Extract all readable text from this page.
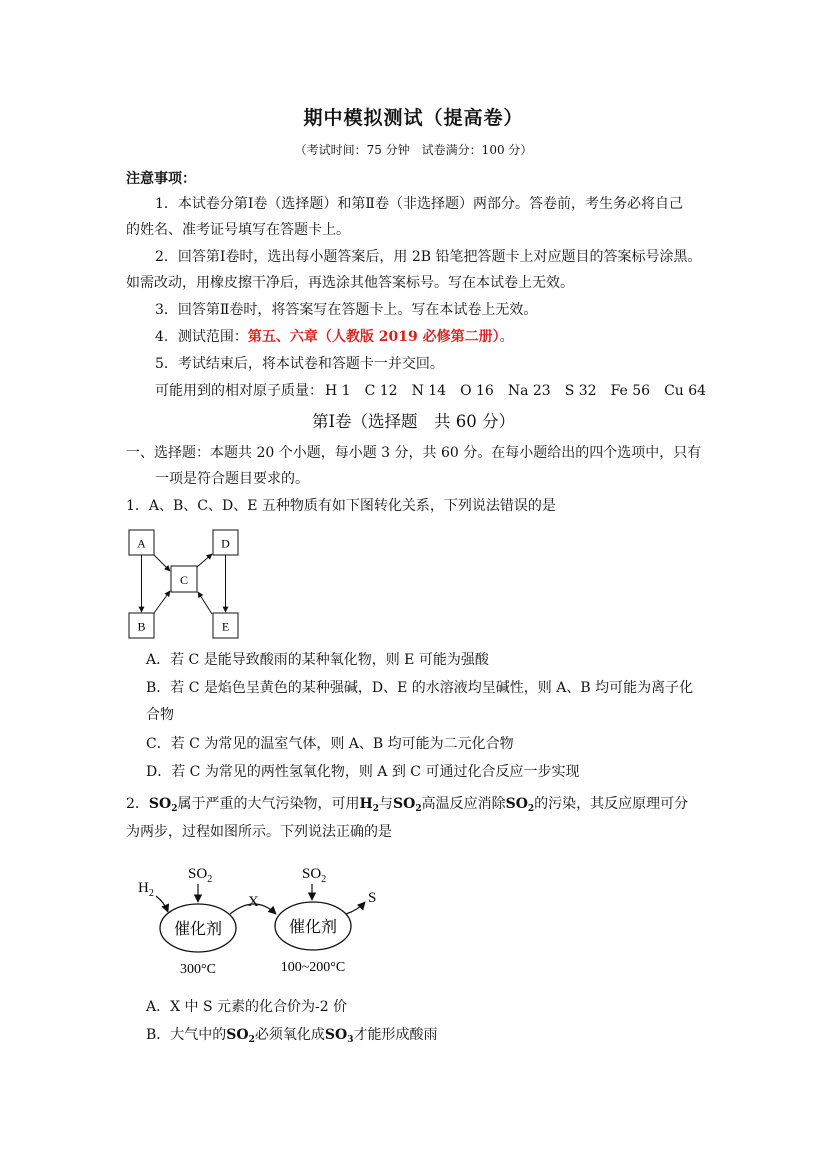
期中模拟测试（提高卷）
（考试时间：75 分钟　试卷满分：100 分）
注意事项：
1．本试卷分第Ⅰ卷（选择题）和第Ⅱ卷（非选择题）两部分。答卷前，考生务必将自己
的姓名、准考证号填写在答题卡上。
2．回答第Ⅰ卷时，选出每小题答案后，用 2B 铅笔把答题卡上对应题目的答案标号涂黑。
如需改动，用橡皮擦干净后，再选涂其他答案标号。写在本试卷上无效。
3．回答第Ⅱ卷时，将答案写在答题卡上。写在本试卷上无效。
4．测试范围：第五、六章（人教版 2019 必修第二册）。
5．考试结束后，将本试卷和答题卡一并交回。
可能用到的相对原子质量： H 1 C 12 N 14 O 16 Na 23 S 32 Fe 56 Cu 64
第Ⅰ卷（选择题　共 60 分）
一、选择题：本题共 20 个小题，每小题 3 分，共 60 分。在每小题给出的四个选项中，只有
一项是符合题目要求的。
1．A、B、C、D、E 五种物质有如下图转化关系，下列说法错误的是
A
B
C
D
E
A．若 C 是能导致酸雨的某种氧化物，则 E 可能为强酸
B．若 C 是焰色呈黄色的某种强碱，D、E 的水溶液均呈碱性，则 A、B 均可能为离子化
合物
C．若 C 为常见的温室气体，则 A、B 均可能为二元化合物
D．若 C 为常见的两性氢氧化物，则 A 到 C 可通过化合反应一步实现
2．$SO_2$属于严重的大气污染物，可用$H_2$与$SO_2$高温反应消除$SO_2$的污染，其反应原理可分
为两步，过程如图所示。下列说法正确的是
催化剂	催化剂
$H_2$
$SO_2$	$SO_2$
X	S
300°C	100~200°C
A．X 中 S 元素的化合价为-2 价
B．大气中的$SO_2$必须氧化成$SO_3$才能形成酸雨
